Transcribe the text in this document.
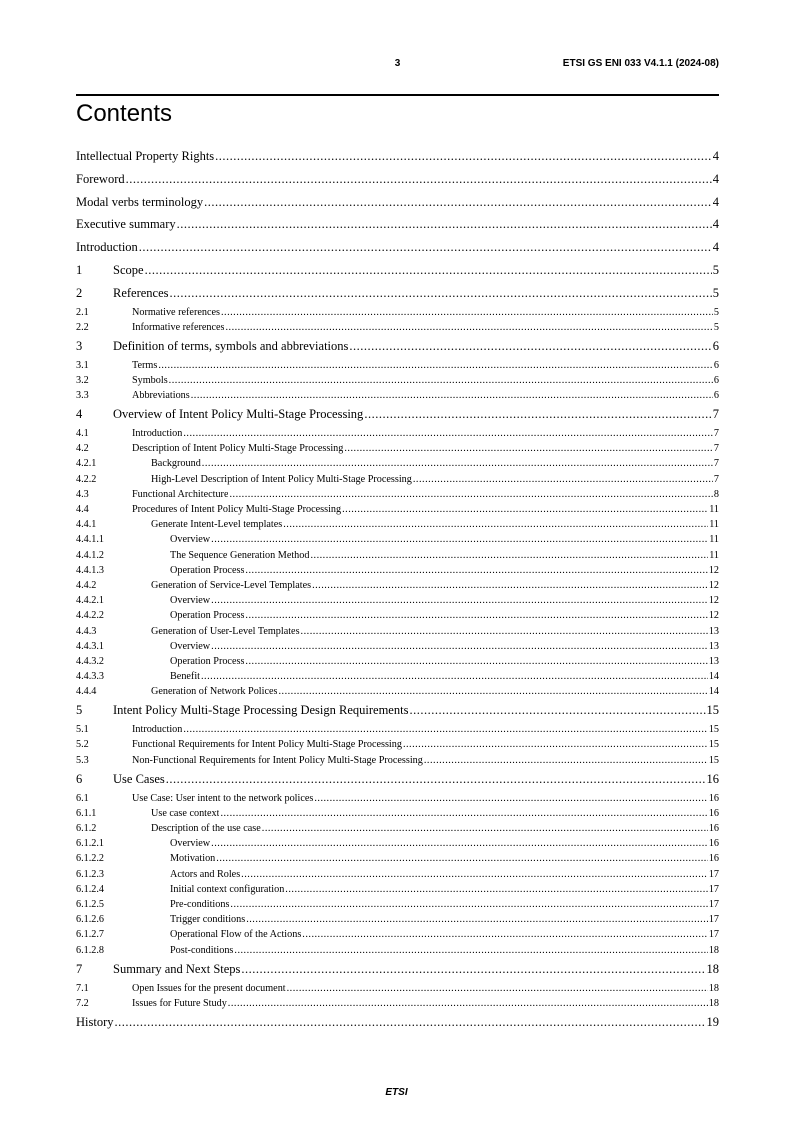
3	ETSI GS ENI 033 V4.1.1 (2024-08)
Contents
Intellectual Property Rights .....	4
Foreword .....	4
Modal verbs terminology .....	4
Executive summary .....	4
Introduction .....	4
1 Scope .....	5
2 References .....	5
2.1	Normative references .....	5
2.2	Informative references .....	5
3 Definition of terms, symbols and abbreviations .....	6
3.1	Terms .....	6
3.2	Symbols .....	6
3.3	Abbreviations .....	6
4 Overview of Intent Policy Multi-Stage Processing .....	7
4.1	Introduction .....	7
4.2	Description of Intent Policy Multi-Stage Processing .....	7
4.2.1	Background .....	7
4.2.2	High-Level Description of Intent Policy Multi-Stage Processing .....	7
4.3	Functional Architecture .....	8
4.4	Procedures of Intent Policy Multi-Stage Processing .....	11
4.4.1	Generate Intent-Level templates .....	11
4.4.1.1	Overview .....	11
4.4.1.2	The Sequence Generation Method .....	11
4.4.1.3	Operation Process .....	12
4.4.2	Generation of Service-Level Templates .....	12
4.4.2.1	Overview .....	12
4.4.2.2	Operation Process .....	12
4.4.3	Generation of User-Level Templates .....	13
4.4.3.1	Overview .....	13
4.4.3.2	Operation Process .....	13
4.4.3.3	Benefit .....	14
4.4.4	Generation of Network Polices .....	14
5 Intent Policy Multi-Stage Processing Design Requirements .....	15
5.1	Introduction .....	15
5.2	Functional Requirements for Intent Policy Multi-Stage Processing .....	15
5.3	Non-Functional Requirements for Intent Policy Multi-Stage Processing .....	15
6 Use Cases .....	16
6.1	Use Case: User intent to the network polices .....	16
6.1.1	Use case context .....	16
6.1.2	Description of the use case .....	16
6.1.2.1	Overview .....	16
6.1.2.2	Motivation .....	16
6.1.2.3	Actors and Roles .....	17
6.1.2.4	Initial context configuration .....	17
6.1.2.5	Pre-conditions .....	17
6.1.2.6	Trigger conditions .....	17
6.1.2.7	Operational Flow of the Actions .....	17
6.1.2.8	Post-conditions .....	18
7 Summary and Next Steps .....	18
7.1	Open Issues for the present document .....	18
7.2	Issues for Future Study .....	18
History .....	19
ETSI
